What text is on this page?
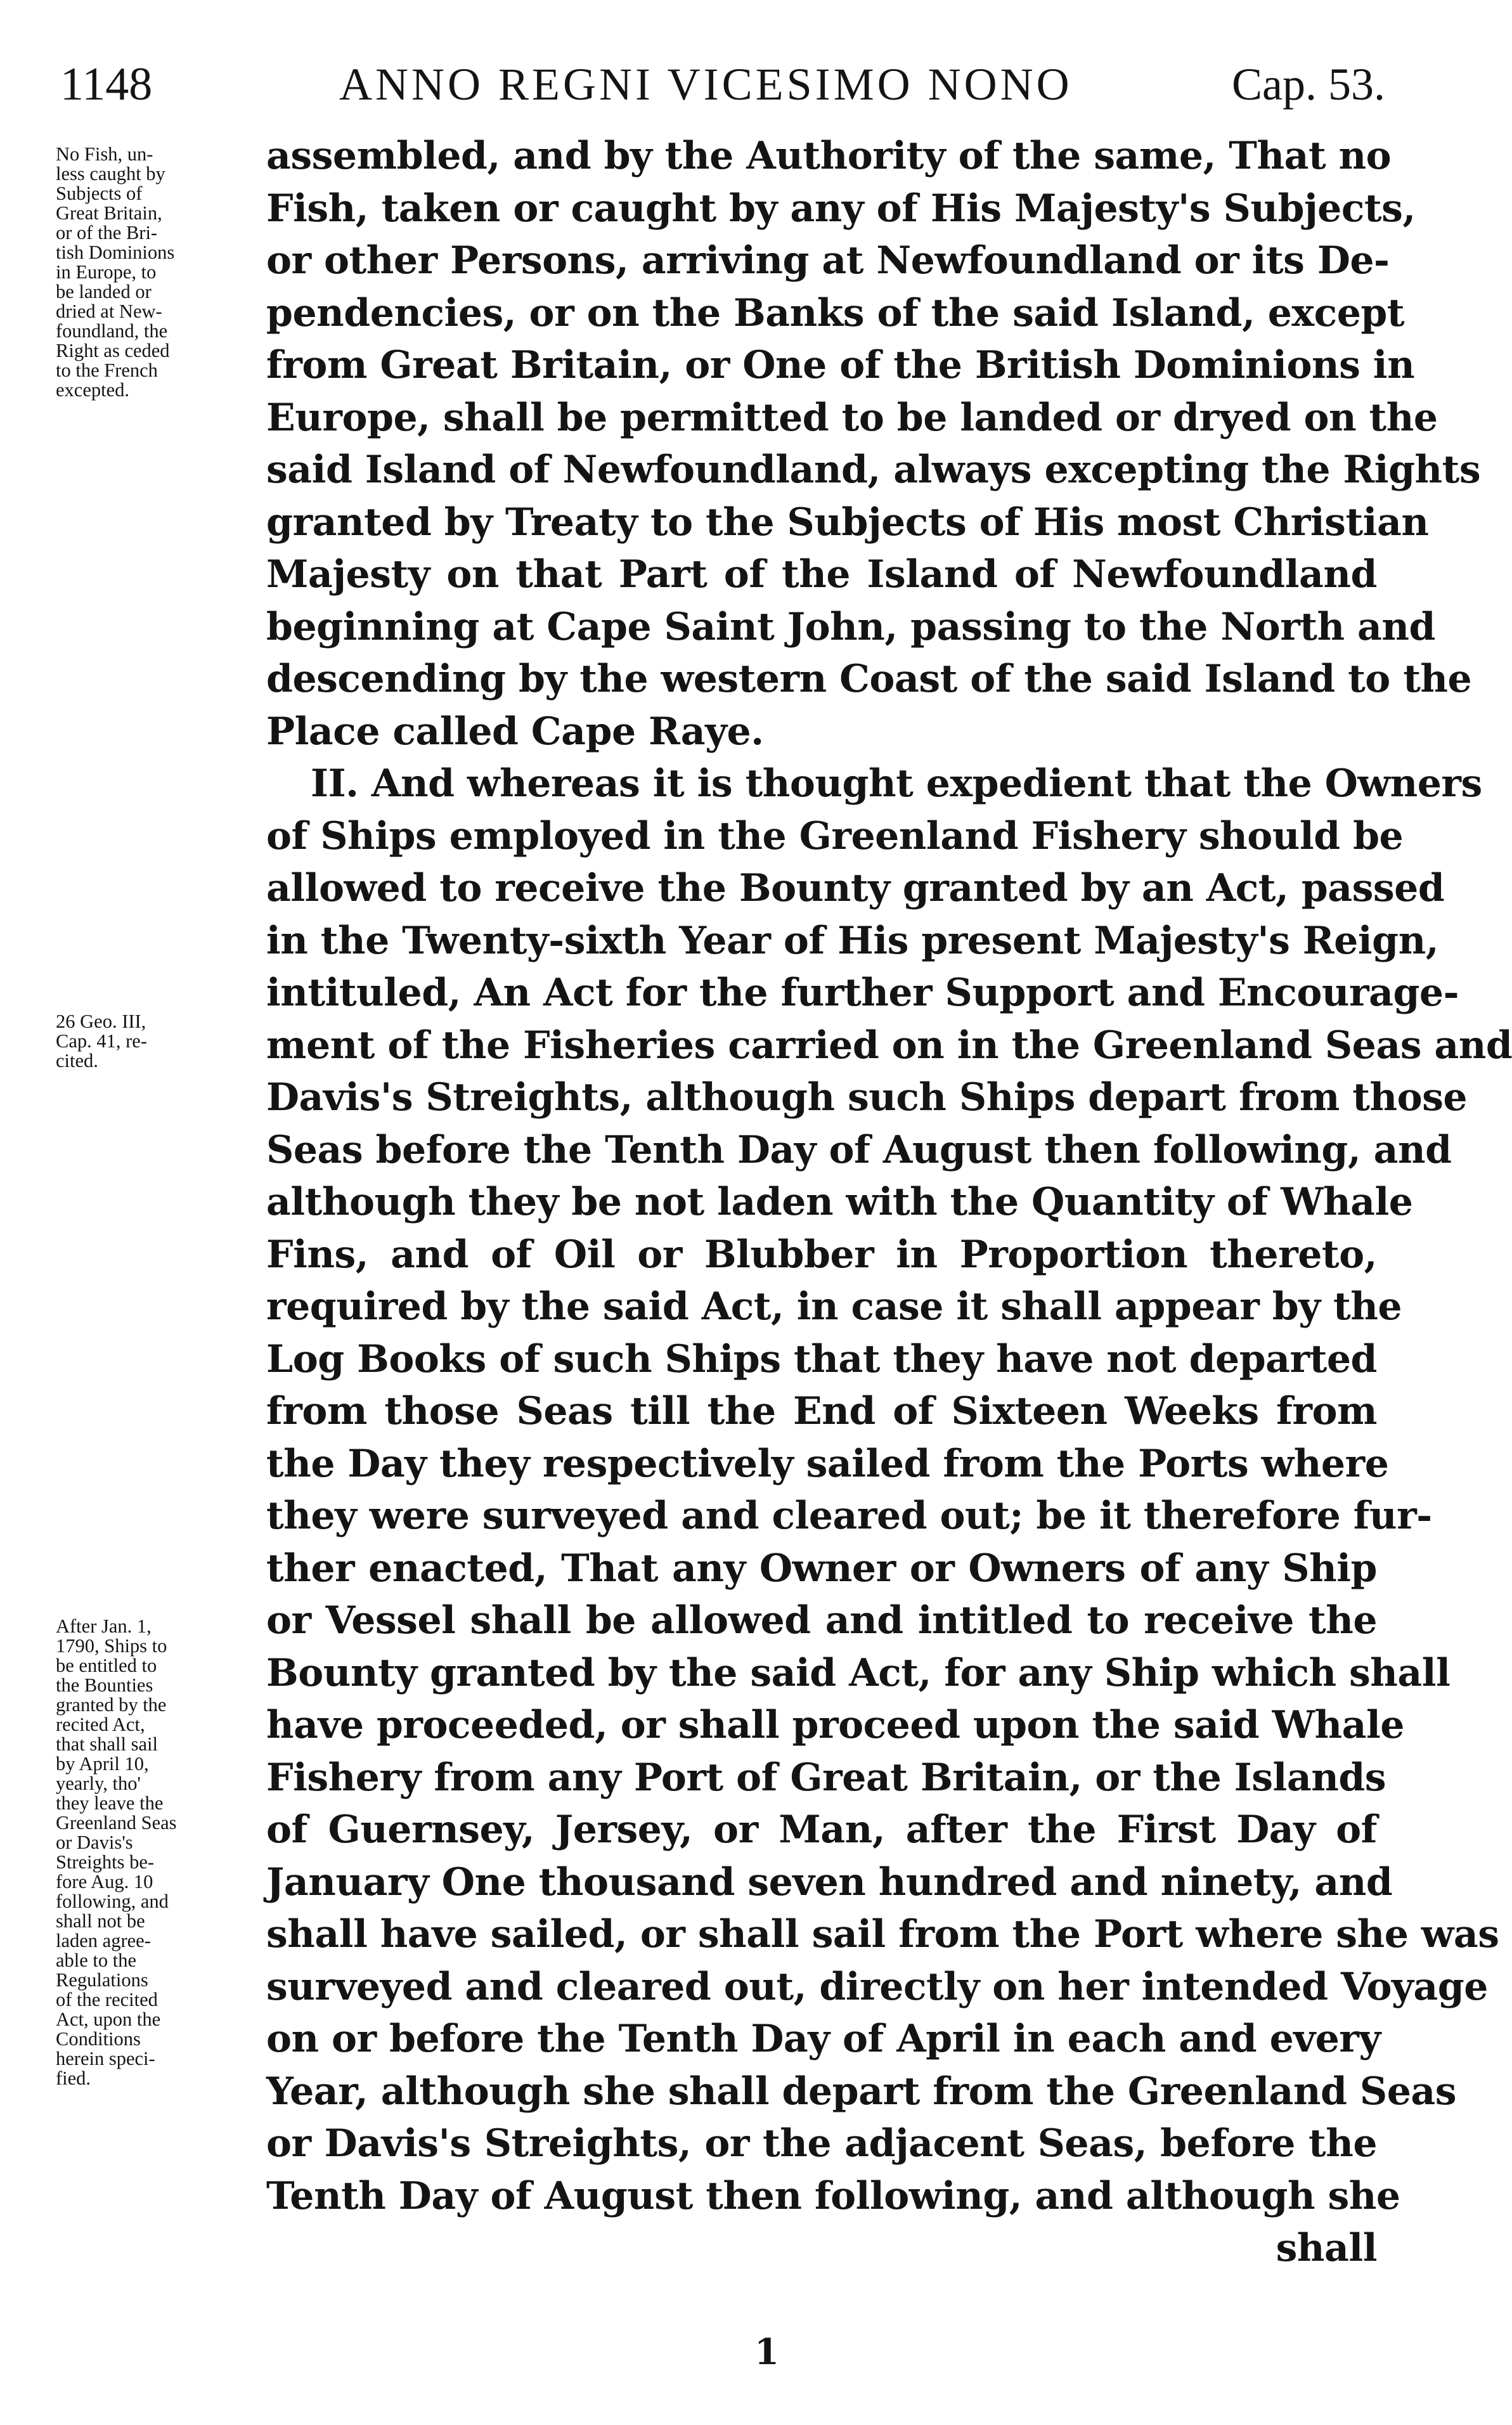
1148	ANNO REGNI VICESIMO NONO	Cap. 53.
No Fish, un-
less caught by
Subjects of
Great Britain,
or of the Bri-
tish Dominions
in Europe, to
be landed or
dried at New-
foundland, the
Right as ceded
to the French
excepted.
26 Geo. III,
Cap. 41, re-
cited.
After Jan. 1,
1790, Ships to
be entitled to
the Bounties
granted by the
recited Act,
that shall sail
by April 10,
yearly, tho'
they leave the
Greenland Seas
or Davis's
Streights be-
fore Aug. 10
following, and
shall not be
laden agree-
able to the
Regulations
of the recited
Act, upon the
Conditions
herein speci-
fied.
assembled, and by the Authority of the same, That no
Fish, taken or caught by any of His Majesty's Subjects,
or other Persons, arriving at Newfoundland or its De-
pendencies, or on the Banks of the said Island, except
from Great Britain, or One of the British Dominions in
Europe, shall be permitted to be landed or dryed on the
said Island of Newfoundland, always excepting the Rights
granted by Treaty to the Subjects of His most Christian
Majesty on that Part of the Island of Newfoundland
beginning at Cape Saint John, passing to the North and
descending by the western Coast of the said Island to the
Place called Cape Raye.
II. And whereas it is thought expedient that the Owners
of Ships employed in the Greenland Fishery should be
allowed to receive the Bounty granted by an Act, passed
in the Twenty-sixth Year of His present Majesty's Reign,
intituled, An Act for the further Support and Encourage-
ment of the Fisheries carried on in the Greenland Seas and
Davis's Streights, although such Ships depart from those
Seas before the Tenth Day of August then following, and
although they be not laden with the Quantity of Whale
Fins, and of Oil or Blubber in Proportion thereto,
required by the said Act, in case it shall appear by the
Log Books of such Ships that they have not departed
from those Seas till the End of Sixteen Weeks from
the Day they respectively sailed from the Ports where
they were surveyed and cleared out; be it therefore fur-
ther enacted, That any Owner or Owners of any Ship
or Vessel shall be allowed and intitled to receive the
Bounty granted by the said Act, for any Ship which shall
have proceeded, or shall proceed upon the said Whale
Fishery from any Port of Great Britain, or the Islands
of Guernsey, Jersey, or Man, after the First Day of
January One thousand seven hundred and ninety, and
shall have sailed, or shall sail from the Port where she was
surveyed and cleared out, directly on her intended Voyage
on or before the Tenth Day of April in each and every
Year, although she shall depart from the Greenland Seas
or Davis's Streights, or the adjacent Seas, before the
Tenth Day of August then following, and although she
shall
1
